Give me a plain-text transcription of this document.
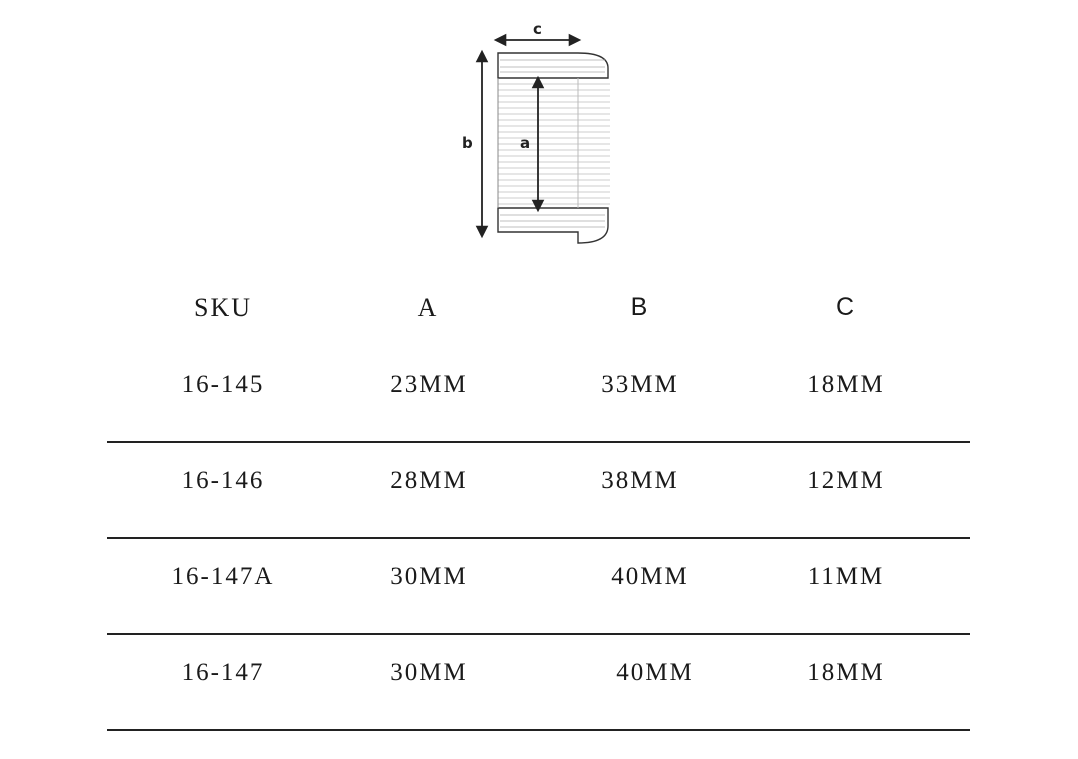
c
b	a
SKU	A	B	C
16-145	23MM	33MM	18MM
16-146	28MM	38MM	12MM
16-147A	30MM	40MM	11MM
16-147	30MM	40MM	18MM
